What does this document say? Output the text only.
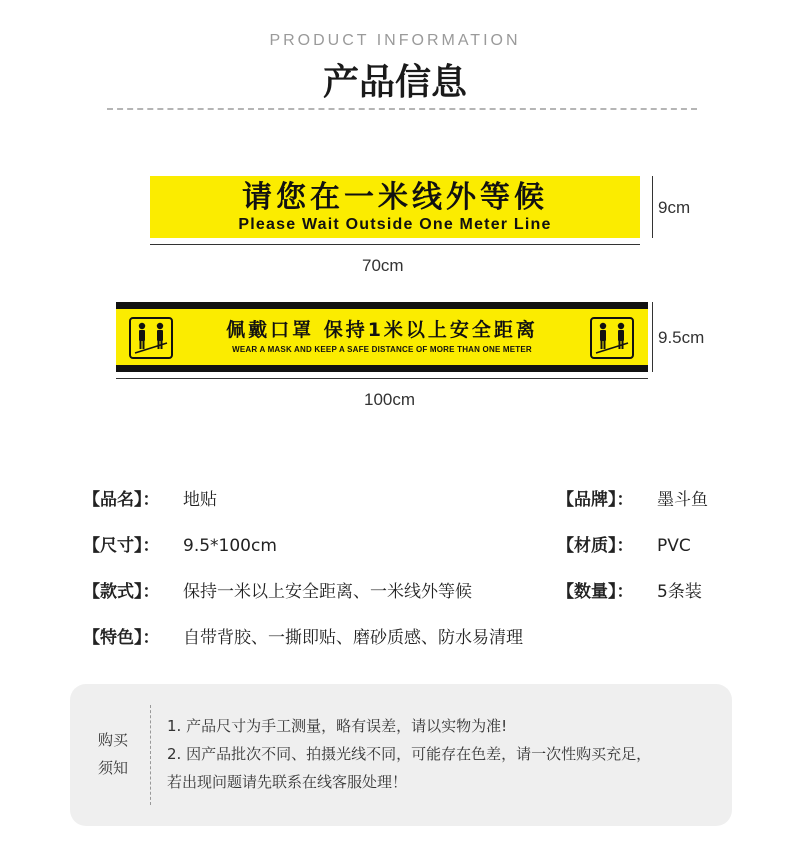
PRODUCT INFORMATION
产品信息
请您在一米线外等候
Please Wait Outside One Meter Line
9cm
70cm
佩戴口罩 保持1米以上安全距离
WEAR A MASK AND KEEP A SAFE DISTANCE OF MORE THAN ONE METER
9.5cm
100cm
【品名】： 地贴
【尺寸】： 9.5*100cm
【款式】： 保持一米以上安全距离、一米线外等候
【特色】： 自带背胶、一撕即贴、磨砂质感、防水易清理
【品牌】： 墨斗鱼
【材质】： PVC
【数量】： 5条装
购买
须知
1. 产品尺寸为手工测量，略有误差，请以实物为准!
2. 因产品批次不同、拍摄光线不同，可能存在色差，请一次性购买充足，
若出现问题请先联系在线客服处理！
